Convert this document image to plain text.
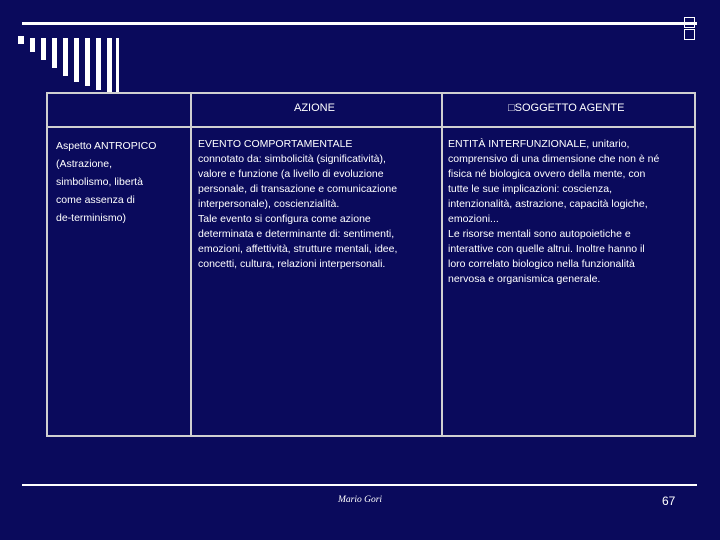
AZIONE	□SOGGETTO AGENTE
Aspetto ANTROPICO
(Astrazione,
simbolismo, libertà
come assenza di
de-terminismo)
EVENTO COMPORTAMENTALE
connotato da: simbolicità (significatività),
valore e funzione (a livello di evoluzione
personale, di transazione e comunicazione
interpersonale), coscienzialità.
Tale evento si configura come azione
determinata e determinante di: sentimenti,
emozioni, affettività, strutture mentali, idee,
concetti, cultura, relazioni interpersonali.
ENTITÀ INTERFUNZIONALE, unitario,
comprensivo di una dimensione che non è né
fisica né biologica ovvero della mente, con
tutte le sue implicazioni: coscienza,
intenzionalità, astrazione, capacità logiche,
emozioni...
Le risorse mentali sono autopoietiche e
interattive con quelle altrui. Inoltre hanno il
loro correlato biologico nella funzionalità
nervosa e organismica generale.
Mario Gori	67
